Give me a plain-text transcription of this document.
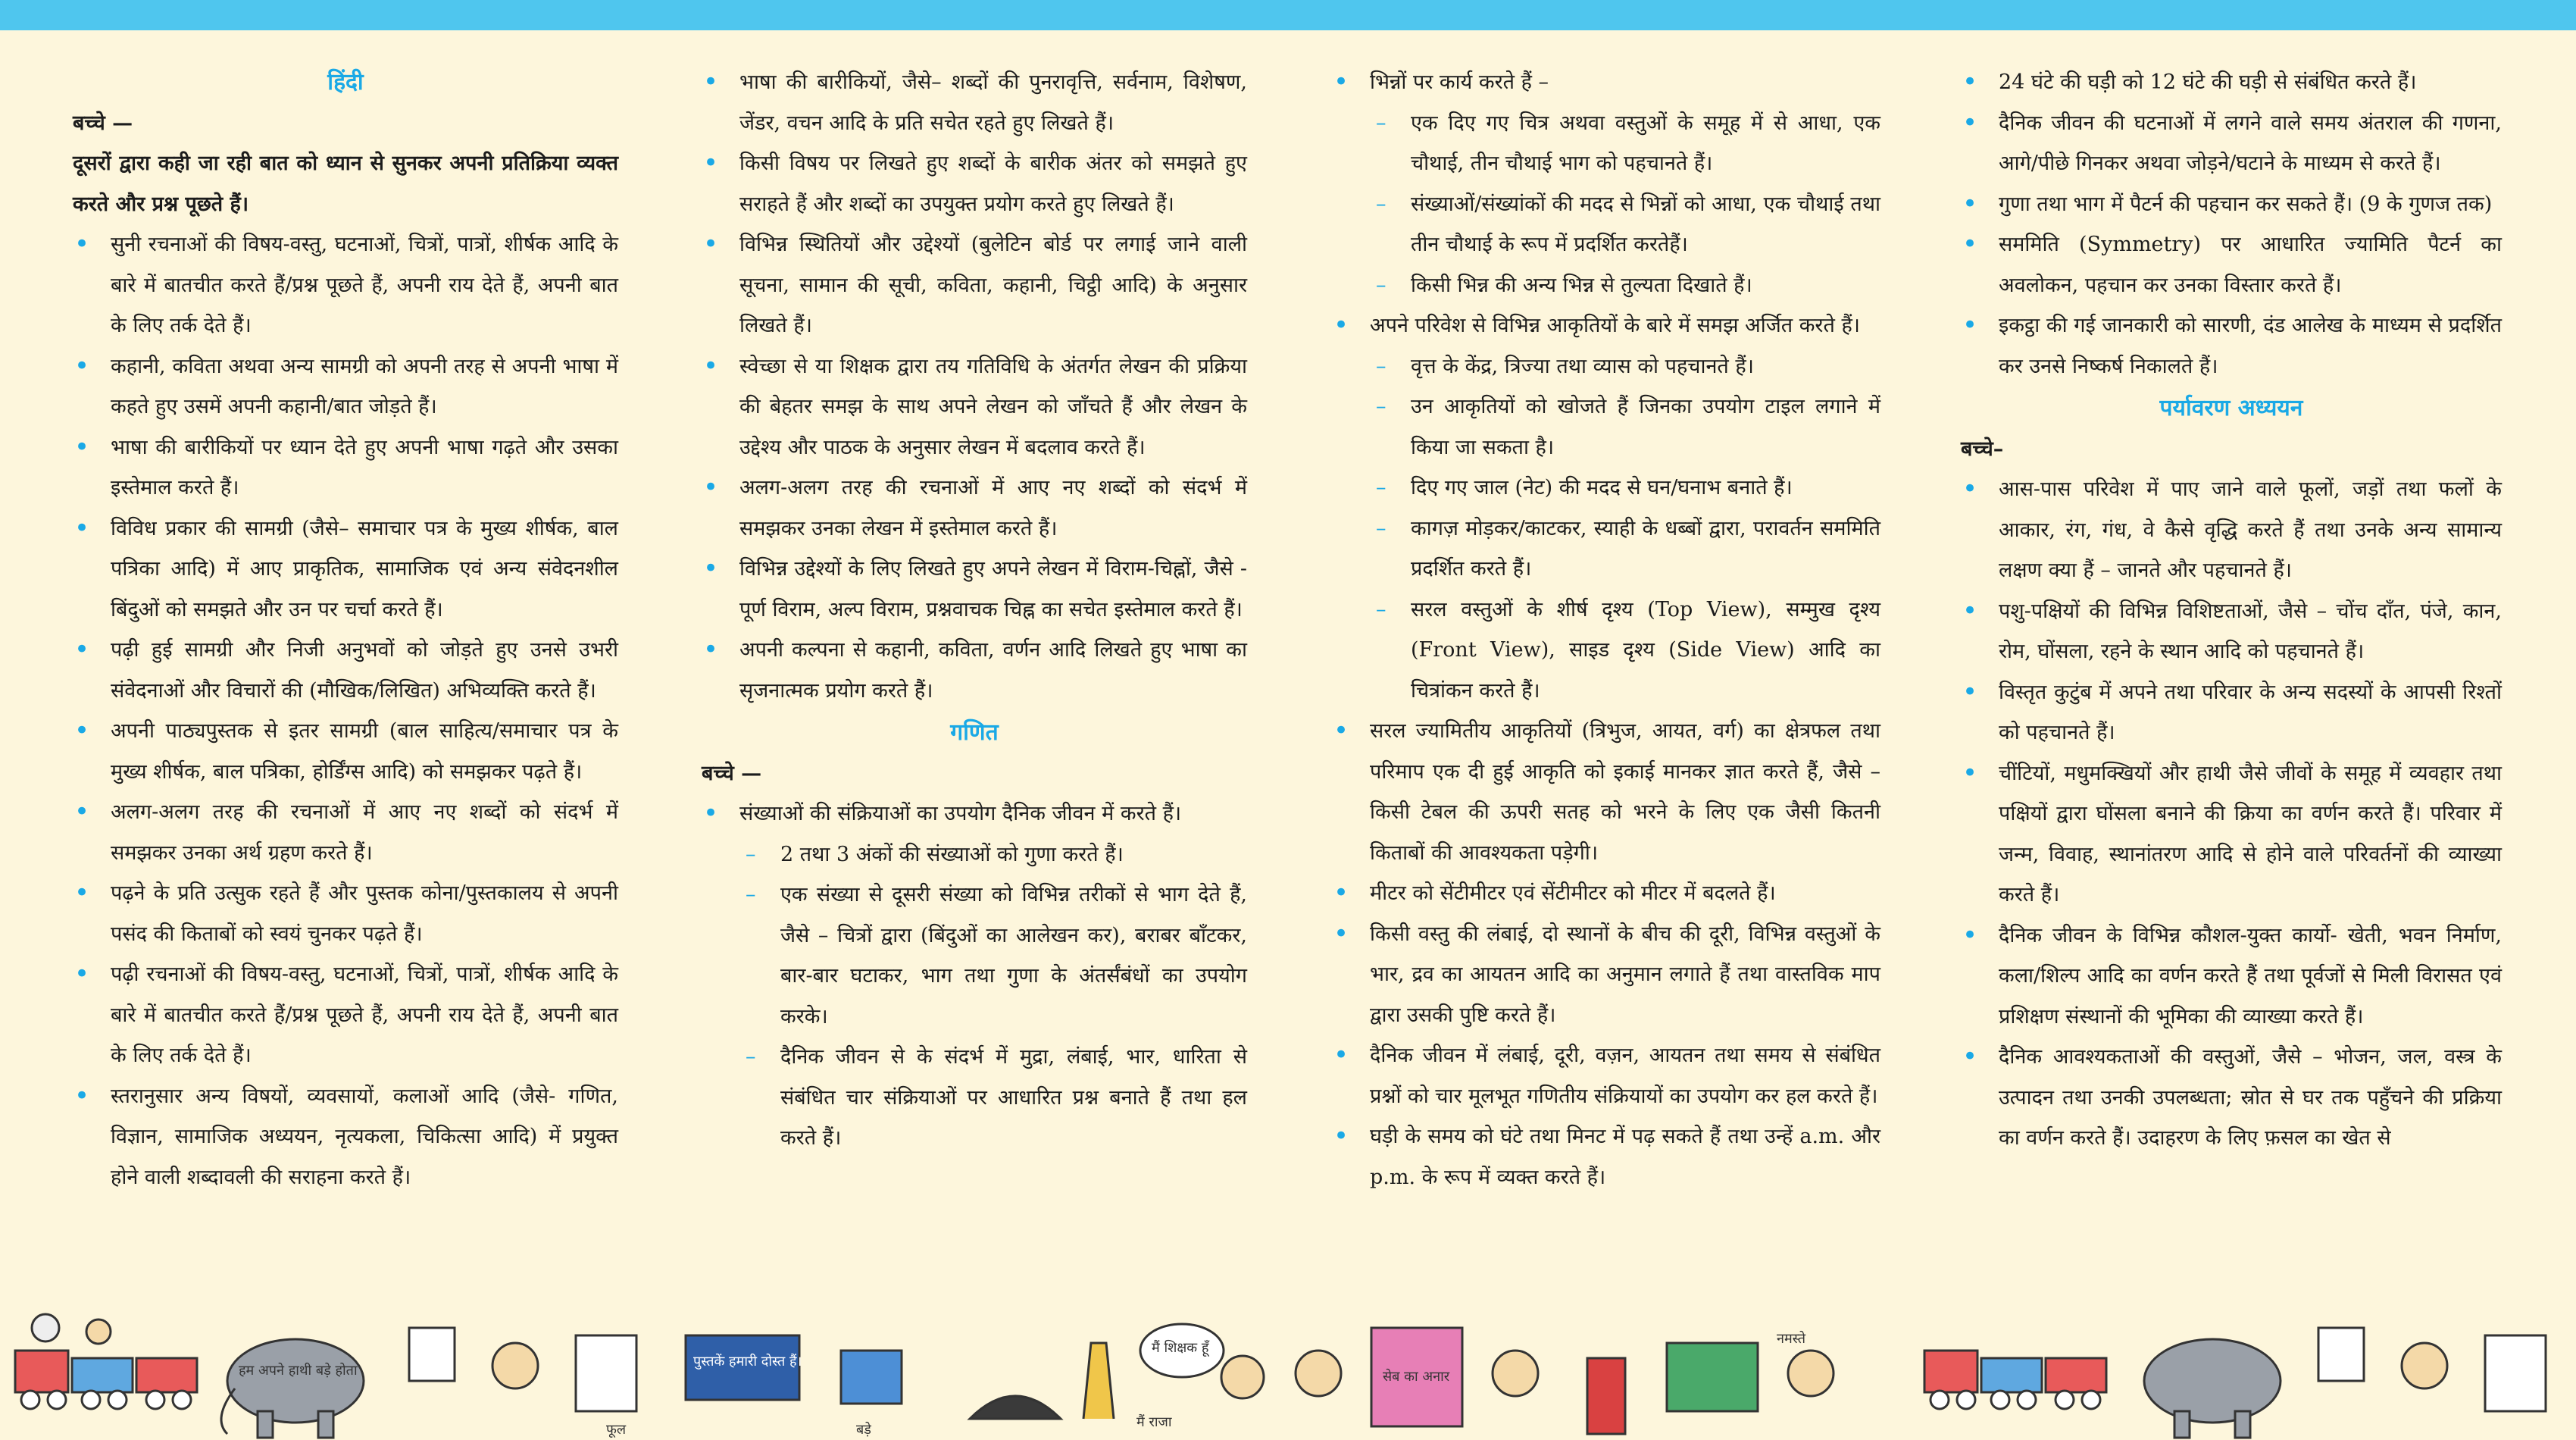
हिंदी

बच्चे —

दूसरों द्वारा कही जा रही बात को ध्यान से सुनकर अपनी प्रतिक्रिया व्यक्त करते और प्रश्न पूछते हैं।

• सुनी रचनाओं की विषय-वस्तु, घटनाओं, चित्रों, पात्रों, शीर्षक आदि के बारे में बातचीत करते हैं/प्रश्न पूछते हैं, अपनी राय देते हैं, अपनी बात के लिए तर्क देते हैं।
• कहानी, कविता अथवा अन्य सामग्री को अपनी तरह से अपनी भाषा में कहते हुए उसमें अपनी कहानी/बात जोड़ते हैं।
• भाषा की बारीकियों पर ध्यान देते हुए अपनी भाषा गढ़ते और उसका इस्तेमाल करते हैं।
• विविध प्रकार की सामग्री (जैसे– समाचार पत्र के मुख्य शीर्षक, बाल पत्रिका आदि) में आए प्राकृतिक, सामाजिक एवं अन्य संवेदनशील बिंदुओं को समझते और उन पर चर्चा करते हैं।
• पढ़ी हुई सामग्री और निजी अनुभवों को जोड़ते हुए उनसे उभरी संवेदनाओं और विचारों की (मौखिक/लिखित) अभिव्यक्ति करते हैं।
• अपनी पाठ्यपुस्तक से इतर सामग्री (बाल साहित्य/समाचार पत्र के मुख्य शीर्षक, बाल पत्रिका, होर्डिंग्स आदि) को समझकर पढ़ते हैं।
• अलग-अलग तरह की रचनाओं में आए नए शब्दों को संदर्भ में समझकर उनका अर्थ ग्रहण करते हैं।
• पढ़ने के प्रति उत्सुक रहते हैं और पुस्तक कोना/पुस्तकालय से अपनी पसंद की किताबों को स्वयं चुनकर पढ़ते हैं।
• पढ़ी रचनाओं की विषय-वस्तु, घटनाओं, चित्रों, पात्रों, शीर्षक आदि के बारे में बातचीत करते हैं/प्रश्न पूछते हैं, अपनी राय देते हैं, अपनी बात के लिए तर्क देते हैं।
• स्तरानुसार अन्य विषयों, व्यवसायों, कलाओं आदि (जैसे- गणित, विज्ञान, सामाजिक अध्ययन, नृत्यकला, चिकित्सा आदि) में प्रयुक्त होने वाली शब्दावली की सराहना करते हैं।
• भाषा की बारीकियों, जैसे– शब्दों की पुनरावृत्ति, सर्वनाम, विशेषण, जेंडर, वचन आदि के प्रति सचेत रहते हुए लिखते हैं।
• किसी विषय पर लिखते हुए शब्दों के बारीक अंतर को समझते हुए सराहते हैं और शब्दों का उपयुक्त प्रयोग करते हुए लिखते हैं।
• विभिन्न स्थितियों और उद्देश्यों (बुलेटिन बोर्ड पर लगाई जाने वाली सूचना, सामान की सूची, कविता, कहानी, चिट्ठी आदि) के अनुसार लिखते हैं।
• स्वेच्छा से या शिक्षक द्वारा तय गतिविधि के अंतर्गत लेखन की प्रक्रिया की बेहतर समझ के साथ अपने लेखन को जाँचते हैं और लेखन के उद्देश्य और पाठक के अनुसार लेखन में बदलाव करते हैं।
• अलग-अलग तरह की रचनाओं में आए नए शब्दों को संदर्भ में समझकर उनका लेखन में इस्तेमाल करते हैं।
• विभिन्न उद्देश्यों के लिए लिखते हुए अपने लेखन में विराम-चिह्नों, जैसे - पूर्ण विराम, अल्प विराम, प्रश्नवाचक चिह्न का सचेत इस्तेमाल करते हैं।
• अपनी कल्पना से कहानी, कविता, वर्णन आदि लिखते हुए भाषा का सृजनात्मक प्रयोग करते हैं।

गणित

बच्चे —

• संख्याओं की संक्रियाओं का उपयोग दैनिक जीवन में करते हैं।
– 2 तथा 3 अंकों की संख्याओं को गुणा करते हैं।
– एक संख्या से दूसरी संख्या को विभिन्न तरीकों से भाग देते हैं, जैसे – चित्रों द्वारा (बिंदुओं का आलेखन कर), बराबर बाँटकर, बार-बार घटाकर, भाग तथा गुणा के अंतर्संबंधों का उपयोग करके।
– दैनिक जीवन से के संदर्भ में मुद्रा, लंबाई, भार, धारिता से संबंधित चार संक्रियाओं पर आधारित प्रश्न बनाते हैं तथा हल करते हैं।
• भिन्नों पर कार्य करते हैं –
– एक दिए गए चित्र अथवा वस्तुओं के समूह में से आधा, एक चौथाई, तीन चौथाई भाग को पहचानते हैं।
– संख्याओं/संख्यांकों की मदद से भिन्नों को आधा, एक चौथाई तथा तीन चौथाई के रूप में प्रदर्शित करतेहैं।
– किसी भिन्न की अन्य भिन्न से तुल्यता दिखाते हैं।
• अपने परिवेश से विभिन्न आकृतियों के बारे में समझ अर्जित करते हैं।
– वृत्त के केंद्र, त्रिज्या तथा व्यास को पहचानते हैं।
– उन आकृतियों को खोजते हैं जिनका उपयोग टाइल लगाने में किया जा सकता है।
– दिए गए जाल (नेट) की मदद से घन/घनाभ बनाते हैं।
– कागज़ मोड़कर/काटकर, स्याही के धब्बों द्वारा, परावर्तन सममिति प्रदर्शित करते हैं।
– सरल वस्तुओं के शीर्ष दृश्य (Top View), सम्मुख दृश्य (Front View), साइड दृश्य (Side View) आदि का चित्रांकन करते हैं।
• सरल ज्यामितीय आकृतियों (त्रिभुज, आयत, वर्ग) का क्षेत्रफल तथा परिमाप एक दी हुई आकृति को इकाई मानकर ज्ञात करते हैं, जैसे – किसी टेबल की ऊपरी सतह को भरने के लिए एक जैसी कितनी किताबों की आवश्यकता पड़ेगी।
• मीटर को सेंटीमीटर एवं सेंटीमीटर को मीटर में बदलते हैं।
• किसी वस्तु की लंबाई, दो स्थानों के बीच की दूरी, विभिन्न वस्तुओं के भार, द्रव का आयतन आदि का अनुमान लगाते हैं तथा वास्तविक माप द्वारा उसकी पुष्टि करते हैं।
• दैनिक जीवन में लंबाई, दूरी, वज़न, आयतन तथा समय से संबंधित प्रश्नों को चार मूलभूत गणितीय संक्रियायों का उपयोग कर हल करते हैं।
• घड़ी के समय को घंटे तथा मिनट में पढ़ सकते हैं तथा उन्हें a.m. और p.m. के रूप में व्यक्त करते हैं।
• 24 घंटे की घड़ी को 12 घंटे की घड़ी से संबंधित करते हैं।
• दैनिक जीवन की घटनाओं में लगने वाले समय अंतराल की गणना, आगे/पीछे गिनकर अथवा जोड़ने/घटाने के माध्यम से करते हैं।
• गुणा तथा भाग में पैटर्न की पहचान कर सकते हैं। (9 के गुणज तक)
• सममिति (Symmetry) पर आधारित ज्यामिति पैटर्न का अवलोकन, पहचान कर उनका विस्तार करते हैं।
• इकट्ठा की गई जानकारी को सारणी, दंड आलेख के माध्यम से प्रदर्शित कर उनसे निष्कर्ष निकालते हैं।

पर्यावरण अध्ययन

बच्चे–

• आस-पास परिवेश में पाए जाने वाले फूलों, जड़ों तथा फलों के आकार, रंग, गंध, वे कैसे वृद्धि करते हैं तथा उनके अन्य सामान्य लक्षण क्या हैं – जानते और पहचानते हैं।
• पशु-पक्षियों की विभिन्न विशिष्टताओं, जैसे – चोंच दाँत, पंजे, कान, रोम, घोंसला, रहने के स्थान आदि को पहचानते हैं।
• विस्तृत कुटुंब में अपने तथा परिवार के अन्य सदस्यों के आपसी रिश्तों को पहचानते हैं।
• चींटियों, मधुमक्खियों और हाथी जैसे जीवों के समूह में व्यवहार तथा पक्षियों द्वारा घोंसला बनाने की क्रिया का वर्णन करते हैं। परिवार में जन्म, विवाह, स्थानांतरण आदि से होने वाले परिवर्तनों की व्याख्या करते हैं।
• दैनिक जीवन के विभिन्न कौशल-युक्त कार्यो- खेती, भवन निर्माण, कला/शिल्प आदि का वर्णन करते हैं तथा पूर्वजों से मिली विरासत एवं प्रशिक्षण संस्थानों की भूमिका की व्याख्या करते हैं।
• दैनिक आवश्यकताओं की वस्तुओं, जैसे – भोजन, जल, वस्त्र के उत्पादन तथा उनकी उपलब्धता; स्रोत से घर तक पहुँचने की प्रक्रिया का वर्णन करते हैं। उदाहरण के लिए फ़सल का खेत से
हम अपने हाथी बड़े होता
पुस्तकें हमारी दोस्त हैं।
मैं शिक्षक हूँ
मैं राजा
सेब का अनार
नमस्ते
फूल	बड़े
